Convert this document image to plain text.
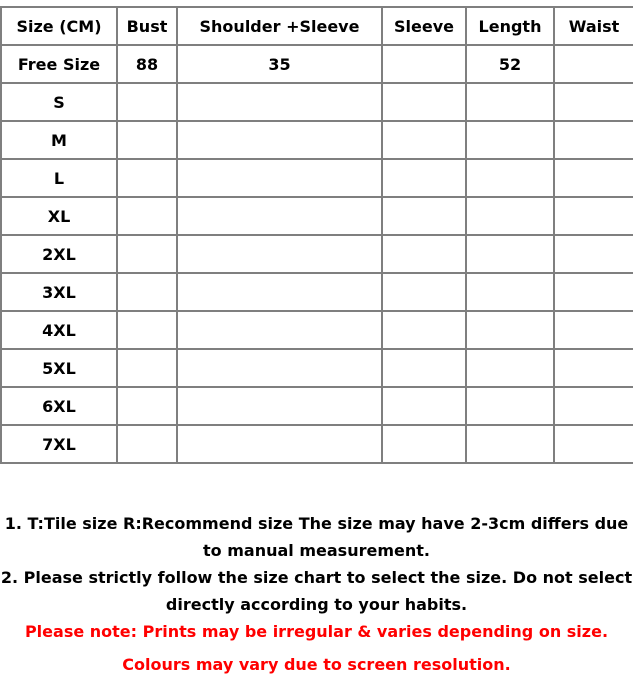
Size (CM)	Bust	Shoulder +Sleeve	Sleeve	Length	Waist
Free Size	88	35		52	
S					
M					
L					
XL					
2XL					
3XL					
4XL					
5XL					
6XL					
7XL					
1. T:Tile size R:Recommend size The size may have 2-3cm differs due
to manual measurement.
2. Please strictly follow the size chart to select the size. Do not select
directly according to your habits.
Please note: Prints may be irregular & varies depending on size.
Colours may vary due to screen resolution.
